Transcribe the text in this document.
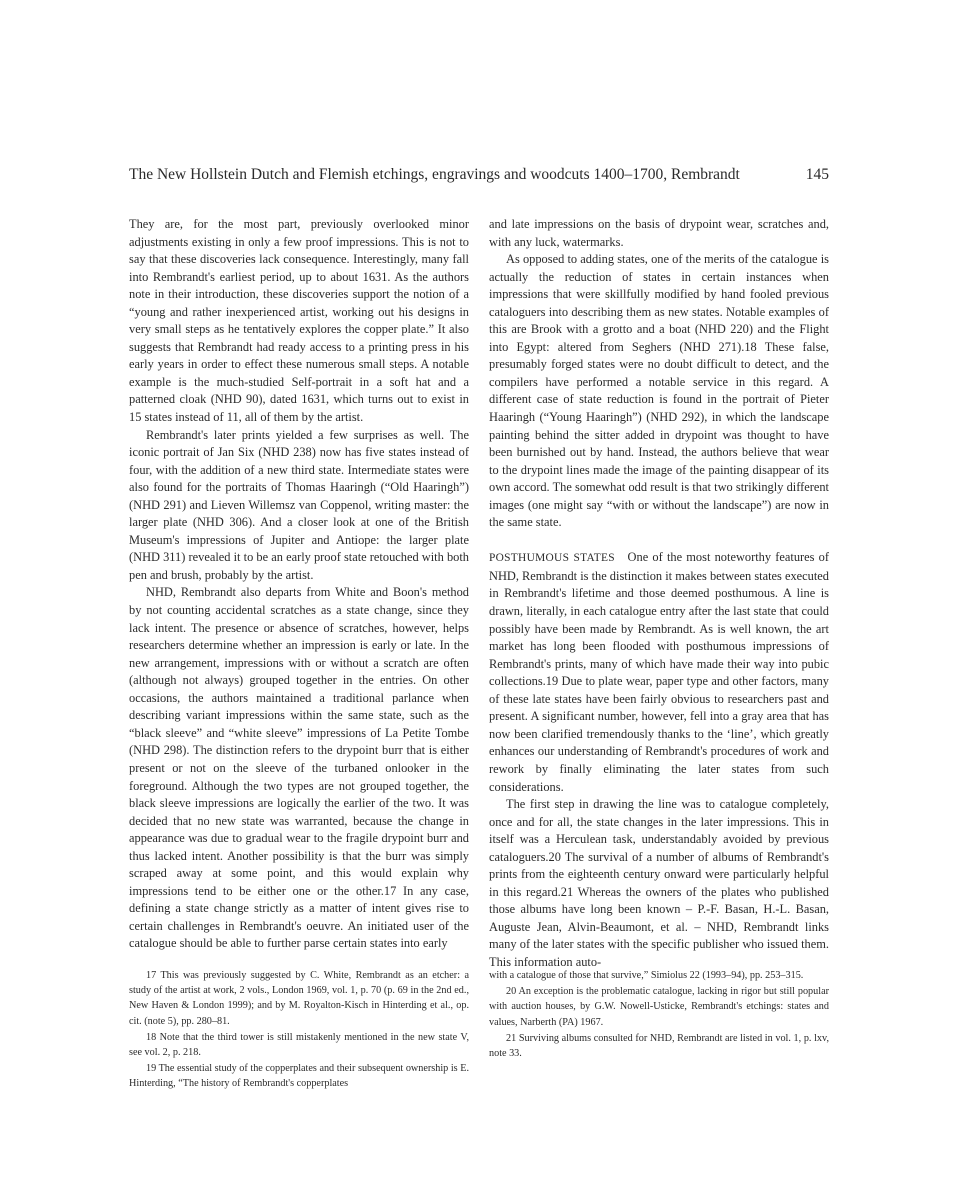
The New Hollstein Dutch and Flemish etchings, engravings and woodcuts 1400–1700, Rembrandt	145

They are, for the most part, previously overlooked minor adjustments existing in only a few proof impressions. This is not to say that these discoveries lack consequence. Interestingly, many fall into Rembrandt's earliest period, up to about 1631. As the authors note in their introduction, these discoveries support the notion of a “young and rather inexperienced artist, working out his designs in very small steps as he tentatively explores the copper plate.” It also suggests that Rembrandt had ready access to a printing press in his early years in order to effect these numerous small steps. A notable example is the much-studied Self-portrait in a soft hat and a patterned cloak (NHD 90), dated 1631, which turns out to exist in 15 states instead of 11, all of them by the artist.

Rembrandt's later prints yielded a few surprises as well. The iconic portrait of Jan Six (NHD 238) now has five states instead of four, with the addition of a new third state. Intermediate states were also found for the portraits of Thomas Haaringh (“Old Haaringh”) (NHD 291) and Lieven Willemsz van Coppenol, writing master: the larger plate (NHD 306). And a closer look at one of the British Museum's impressions of Jupiter and Antiope: the larger plate (NHD 311) revealed it to be an early proof state retouched with both pen and brush, probably by the artist.

NHD, Rembrandt also departs from White and Boon's method by not counting accidental scratches as a state change, since they lack intent. The presence or absence of scratches, however, helps researchers determine whether an impression is early or late. In the new arrangement, impressions with or without a scratch are often (although not always) grouped together in the entries. On other occasions, the authors maintained a traditional parlance when describing variant impressions within the same state, such as the “black sleeve” and “white sleeve” impressions of La Petite Tombe (NHD 298). The distinction refers to the drypoint burr that is either present or not on the sleeve of the turbaned onlooker in the foreground. Although the two types are not grouped together, the black sleeve impressions are logically the earlier of the two. It was decided that no new state was warranted, because the change in appearance was due to gradual wear to the fragile drypoint burr and thus lacked intent. Another possibility is that the burr was simply scraped away at some point, and this would explain why impressions tend to be either one or the other.17 In any case, defining a state change strictly as a matter of intent gives rise to certain challenges in Rembrandt's oeuvre. An initiated user of the catalogue should be able to further parse certain states into early

and late impressions on the basis of drypoint wear, scratches and, with any luck, watermarks.

As opposed to adding states, one of the merits of the catalogue is actually the reduction of states in certain instances when impressions that were skillfully modified by hand fooled previous cataloguers into describing them as new states. Notable examples of this are Brook with a grotto and a boat (NHD 220) and the Flight into Egypt: altered from Seghers (NHD 271).18 These false, presumably forged states were no doubt difficult to detect, and the compilers have performed a notable service in this regard. A different case of state reduction is found in the portrait of Pieter Haaringh (“Young Haaringh”) (NHD 292), in which the landscape painting behind the sitter added in drypoint was thought to have been burnished out by hand. Instead, the authors believe that wear to the drypoint lines made the image of the painting disappear of its own accord. The somewhat odd result is that two strikingly different images (one might say “with or without the landscape”) are now in the same state.

POSTHUMOUS STATES One of the most noteworthy features of NHD, Rembrandt is the distinction it makes between states executed in Rembrandt's lifetime and those deemed posthumous. A line is drawn, literally, in each catalogue entry after the last state that could possibly have been made by Rembrandt. As is well known, the art market has long been flooded with posthumous impressions of Rembrandt's prints, many of which have made their way into pubic collections.19 Due to plate wear, paper type and other factors, many of these late states have been fairly obvious to researchers past and present. A significant number, however, fell into a gray area that has now been clarified tremendously thanks to the ‘line’, which greatly enhances our understanding of Rembrandt's procedures of work and rework by finally eliminating the later states from such considerations.

The first step in drawing the line was to catalogue completely, once and for all, the state changes in the later impressions. This in itself was a Herculean task, understandably avoided by previous cataloguers.20 The survival of a number of albums of Rembrandt's prints from the eighteenth century onward were particularly helpful in this regard.21 Whereas the owners of the plates who published those albums have long been known – P.-F. Basan, H.-L. Basan, Auguste Jean, Alvin-Beaumont, et al. – NHD, Rembrandt links many of the later states with the specific publisher who issued them. This information auto-

17 This was previously suggested by C. White, Rembrandt as an etcher: a study of the artist at work, 2 vols., London 1969, vol. 1, p. 70 (p. 69 in the 2nd ed., New Haven & London 1999); and by M. Royalton-Kisch in Hinterding et al., op. cit. (note 5), pp. 280–81.

18 Note that the third tower is still mistakenly mentioned in the new state V, see vol. 2, p. 218.

19 The essential study of the copperplates and their subsequent ownership is E. Hinterding, “The history of Rembrandt's copperplates

with a catalogue of those that survive,” Simiolus 22 (1993–94), pp. 253–315.

20 An exception is the problematic catalogue, lacking in rigor but still popular with auction houses, by G.W. Nowell-Usticke, Rembrandt's etchings: states and values, Narberth (PA) 1967.

21 Surviving albums consulted for NHD, Rembrandt are listed in vol. 1, p. lxv, note 33.
